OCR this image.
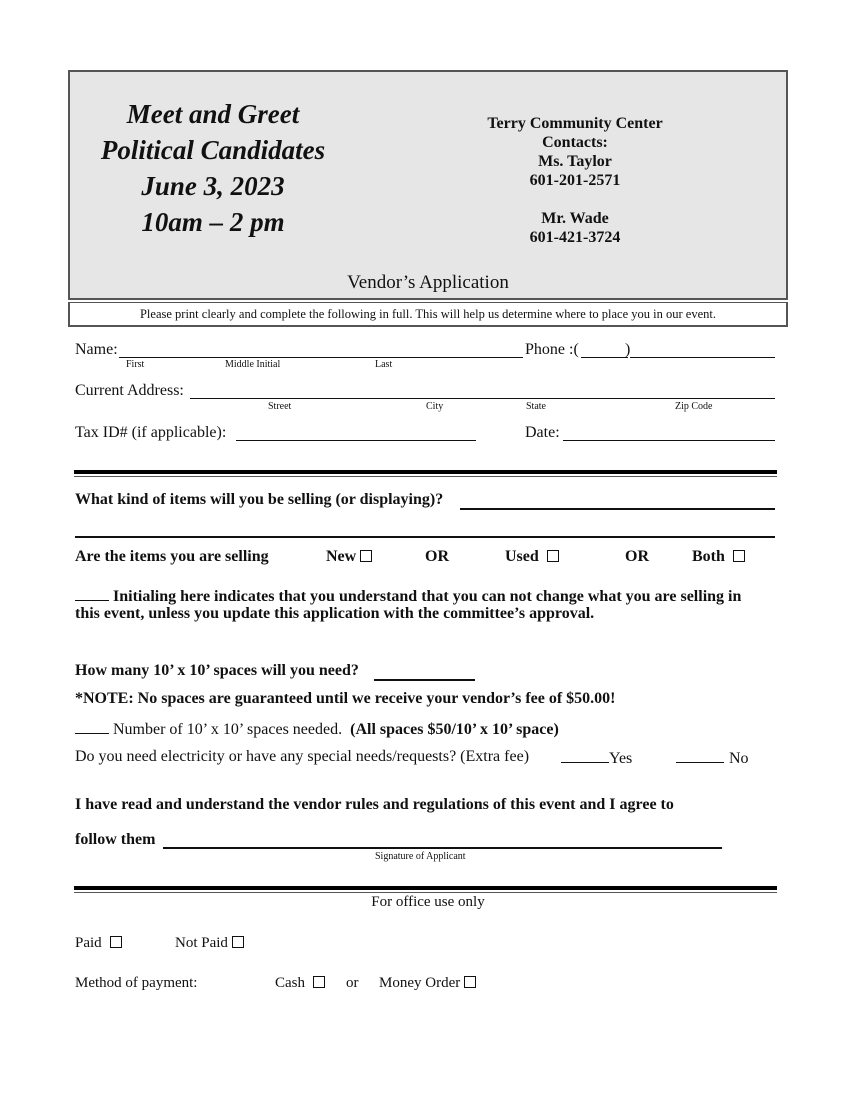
Meet and Greet
Political Candidates
June 3, 2023
10am – 2 pm
Terry Community Center
Contacts:
Ms. Taylor
601-201-2571
Mr. Wade
601-421-3724
Vendor’s Application
Please print clearly and complete the following in full. This will help us determine where to place you in our event.
Name:
First	Middle Initial	Last
Phone :(	)
Current Address:
Street	City	State	Zip Code
Tax ID# (if applicable):	Date:
What kind of items will you be selling (or displaying)?
Are the items you are selling	New	OR	Used	OR	Both
Initialing here indicates that you understand that you can not change what you are selling in
this event, unless you update this application with the committee’s approval.
How many 10’ x 10’ spaces will you need?
*NOTE: No spaces are guaranteed until we receive your vendor’s fee of $50.00!
Number of 10’ x 10’ spaces needed. (All spaces $50/10’ x 10’ space)
Do you need electricity or have any special needs/requests? (Extra fee)	Yes	No
I have read and understand the vendor rules and regulations of this event and I agree to
follow them
Signature of Applicant
For office use only
Paid	Not Paid
Method of payment:	Cash	or Money Order
